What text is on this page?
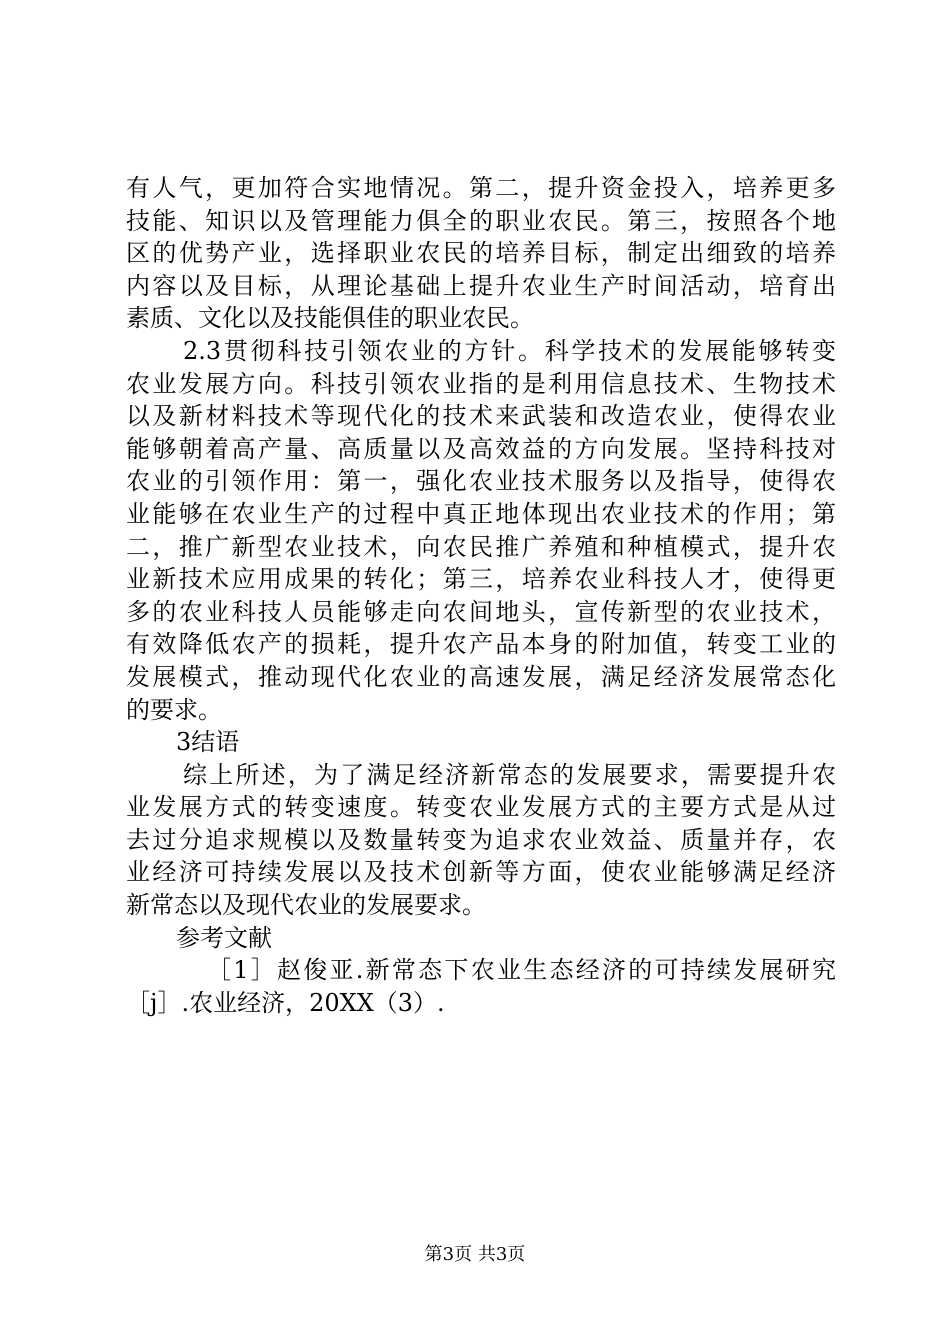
有人气，更加符合实地情况。第二，提升资金投入，培养更多
技能、知识以及管理能力俱全的职业农民。第三，按照各个地
区的优势产业，选择职业农民的培养目标，制定出细致的培养
内容以及目标，从理论基础上提升农业生产时间活动，培育出
素质、文化以及技能俱佳的职业农民。
2.3贯彻科技引领农业的方针。科学技术的发展能够转变
农业发展方向。科技引领农业指的是利用信息技术、生物技术
以及新材料技术等现代化的技术来武装和改造农业，使得农业
能够朝着高产量、高质量以及高效益的方向发展。坚持科技对
农业的引领作用：第一，强化农业技术服务以及指导，使得农
业能够在农业生产的过程中真正地体现出农业技术的作用；第
二，推广新型农业技术，向农民推广养殖和种植模式，提升农
业新技术应用成果的转化；第三，培养农业科技人才，使得更
多的农业科技人员能够走向农间地头，宣传新型的农业技术，
有效降低农产的损耗，提升农产品本身的附加值，转变工业的
发展模式，推动现代化农业的高速发展，满足经济发展常态化
的要求。
3结语
综上所述，为了满足经济新常态的发展要求，需要提升农
业发展方式的转变速度。转变农业发展方式的主要方式是从过
去过分追求规模以及数量转变为追求农业效益、质量并存，农
业经济可持续发展以及技术创新等方面，使农业能够满足经济
新常态以及现代农业的发展要求。
参考文献
［1］赵俊亚.新常态下农业生态经济的可持续发展研究
［j］.农业经济，20XX（3）.
第3页 共3页
